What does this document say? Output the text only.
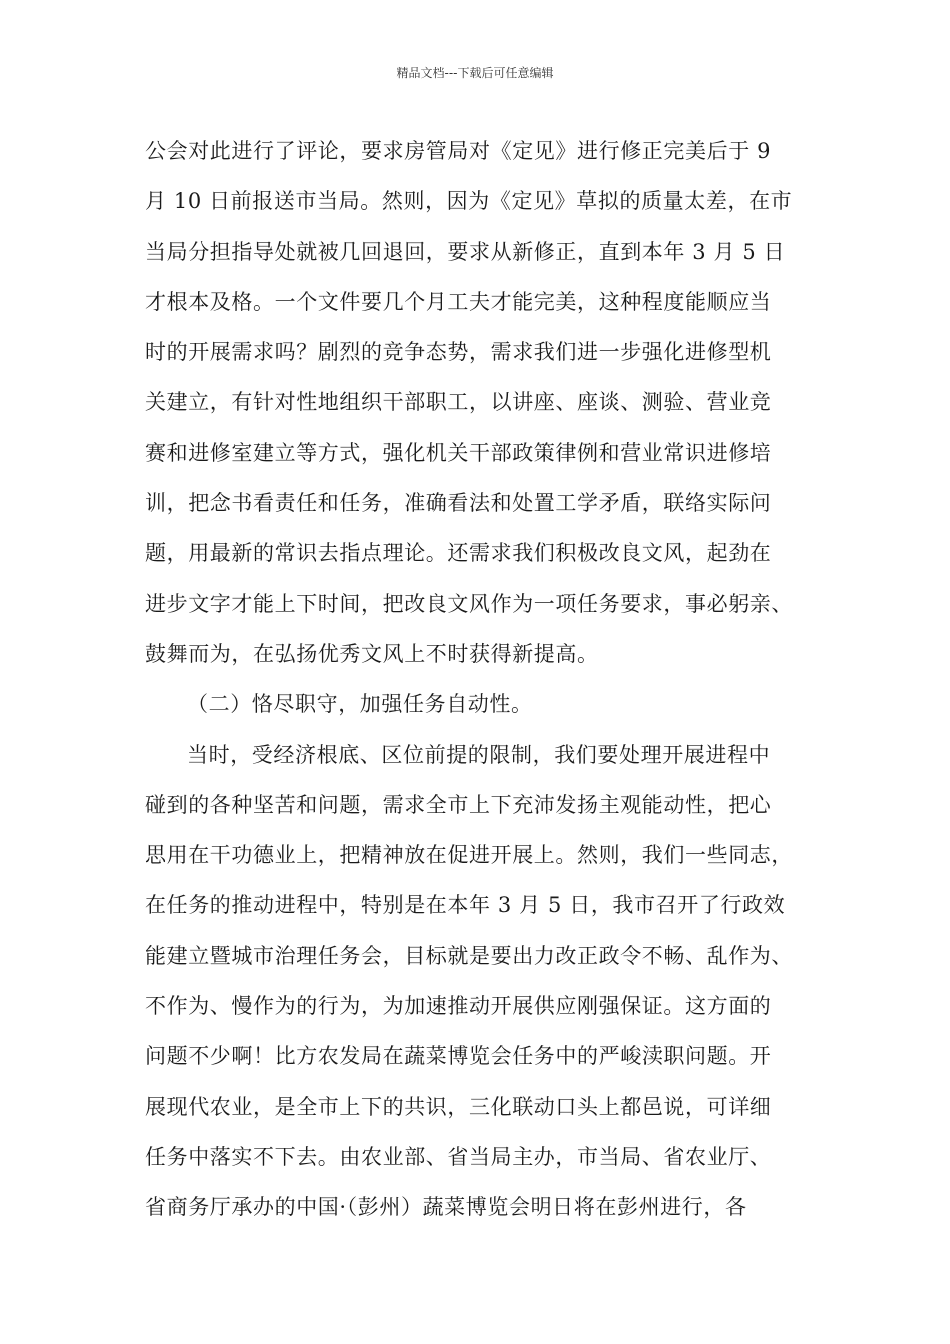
精品文档---下载后可任意编辑
公会对此进行了评论，要求房管局对《定见》进行修正完美后于 9
月 10 日前报送市当局。然则，因为《定见》草拟的质量太差，在市
当局分担指导处就被几回退回，要求从新修正，直到本年 3 月 5 日
才根本及格。一个文件要几个月工夫才能完美，这种程度能顺应当
时的开展需求吗？剧烈的竞争态势，需求我们进一步强化进修型机
关建立，有针对性地组织干部职工，以讲座、座谈、测验、营业竞
赛和进修室建立等方式，强化机关干部政策律例和营业常识进修培
训，把念书看责任和任务，准确看法和处置工学矛盾，联络实际问
题，用最新的常识去指点理论。还需求我们积极改良文风，起劲在
进步文字才能上下时间，把改良文风作为一项任务要求，事必躬亲、
鼓舞而为，在弘扬优秀文风上不时获得新提高。
（二）恪尽职守，加强任务自动性。
当时，受经济根底、区位前提的限制，我们要处理开展进程中
碰到的各种坚苦和问题，需求全市上下充沛发扬主观能动性，把心
思用在干功德业上，把精神放在促进开展上。然则，我们一些同志，
在任务的推动进程中，特别是在本年 3 月 5 日，我市召开了行政效
能建立暨城市治理任务会，目标就是要出力改正政令不畅、乱作为、
不作为、慢作为的行为，为加速推动开展供应刚强保证。这方面的
问题不少啊！比方农发局在蔬菜博览会任务中的严峻渎职问题。开
展现代农业，是全市上下的共识，三化联动口头上都邑说，可详细
任务中落实不下去。由农业部、省当局主办，市当局、省农业厅、
省商务厅承办的中国·（彭州）蔬菜博览会明日将在彭州进行，各
